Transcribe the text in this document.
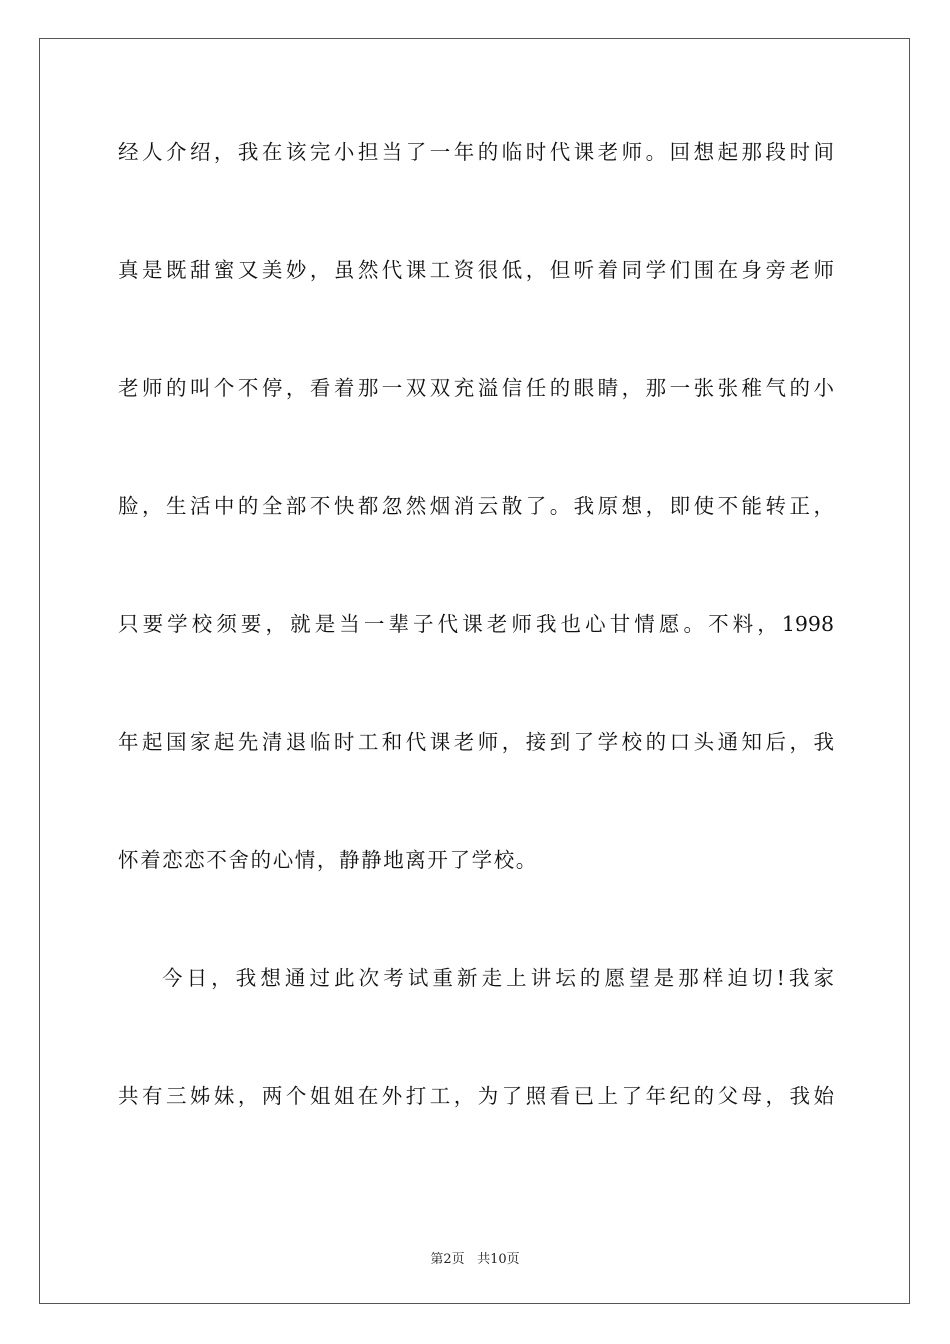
经人介绍，我在该完小担当了一年的临时代课老师。回想起那段时间
真是既甜蜜又美妙，虽然代课工资很低，但听着同学们围在身旁老师
老师的叫个不停，看着那一双双充溢信任的眼睛，那一张张稚气的小
脸，生活中的全部不快都忽然烟消云散了。我原想，即使不能转正，
只要学校须要，就是当一辈子代课老师我也心甘情愿。不料，1998
年起国家起先清退临时工和代课老师，接到了学校的口头通知后，我
怀着恋恋不舍的心情，静静地离开了学校。
今日，我想通过此次考试重新走上讲坛的愿望是那样迫切!我家
共有三姊妹，两个姐姐在外打工，为了照看已上了年纪的父母，我始
第2页 共10页
